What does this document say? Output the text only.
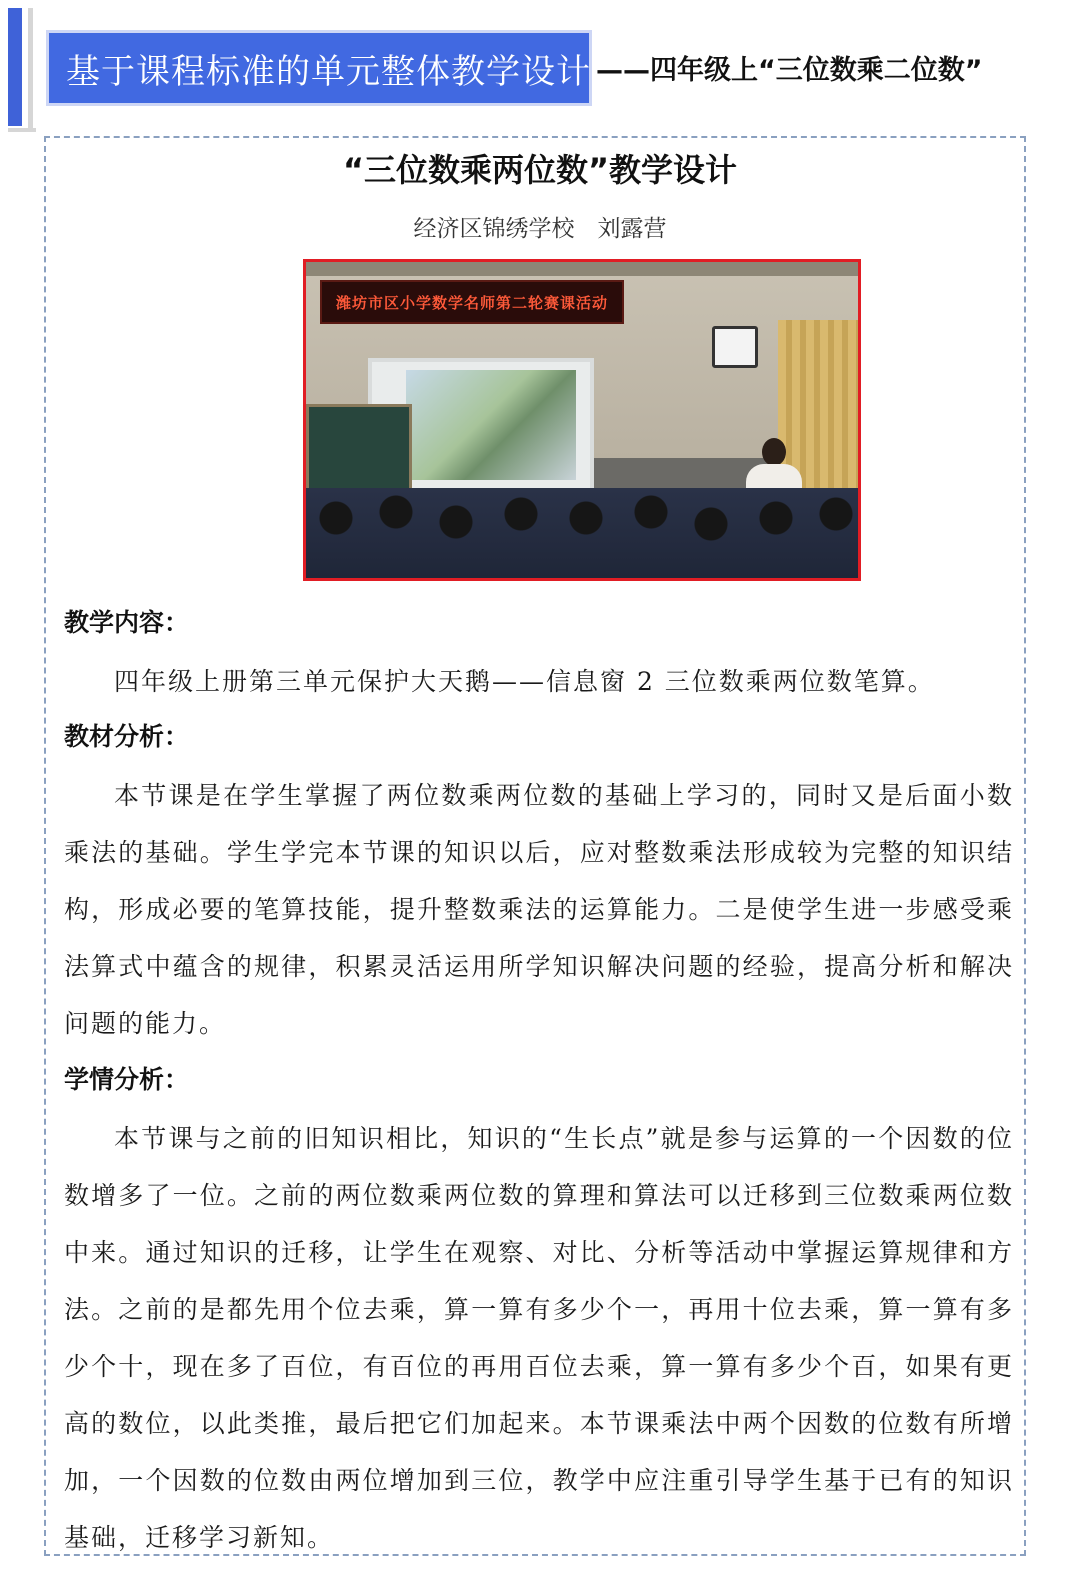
基于课程标准的单元整体教学设计 ——四年级上“三位数乘二位数”
“三位数乘两位数”教学设计
经济区锦绣学校　刘露营
潍坊市区小学数学名师第二轮赛课活动
教学内容：
四年级上册第三单元保护大天鹅——信息窗 2 三位数乘两位数笔算。
教材分析：
本节课是在学生掌握了两位数乘两位数的基础上学习的，同时又是后面小数乘法的基础。学生学完本节课的知识以后，应对整数乘法形成较为完整的知识结构，形成必要的笔算技能，提升整数乘法的运算能力。二是使学生进一步感受乘法算式中蕴含的规律，积累灵活运用所学知识解决问题的经验，提高分析和解决问题的能力。
学情分析：
本节课与之前的旧知识相比，知识的“生长点”就是参与运算的一个因数的位数增多了一位。之前的两位数乘两位数的算理和算法可以迁移到三位数乘两位数中来。通过知识的迁移，让学生在观察、对比、分析等活动中掌握运算规律和方法。之前的是都先用个位去乘，算一算有多少个一，再用十位去乘，算一算有多少个十，现在多了百位，有百位的再用百位去乘，算一算有多少个百，如果有更高的数位，以此类推，最后把它们加起来。本节课乘法中两个因数的位数有所增加，一个因数的位数由两位增加到三位，教学中应注重引导学生基于已有的知识基础，迁移学习新知。
